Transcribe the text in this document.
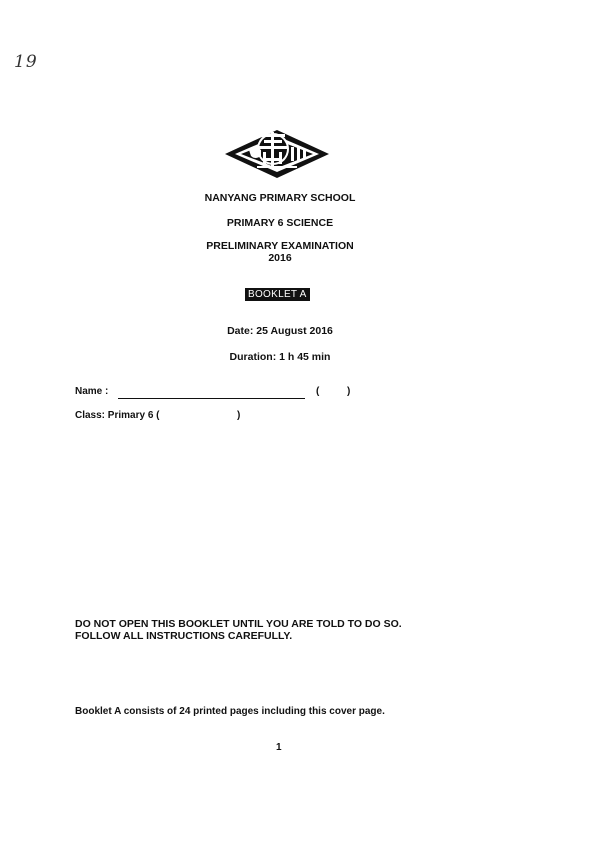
19
NANYANG PRIMARY SCHOOL
PRIMARY 6 SCIENCE
PRELIMINARY EXAMINATION
2016
BOOKLET A
Date: 25 August 2016
Duration: 1 h 45 min
Name :	(	)
Class: Primary 6 (	)
DO NOT OPEN THIS BOOKLET UNTIL YOU ARE TOLD TO DO SO.
FOLLOW ALL INSTRUCTIONS CAREFULLY.
Booklet A consists of 24 printed pages including this cover page.
1
